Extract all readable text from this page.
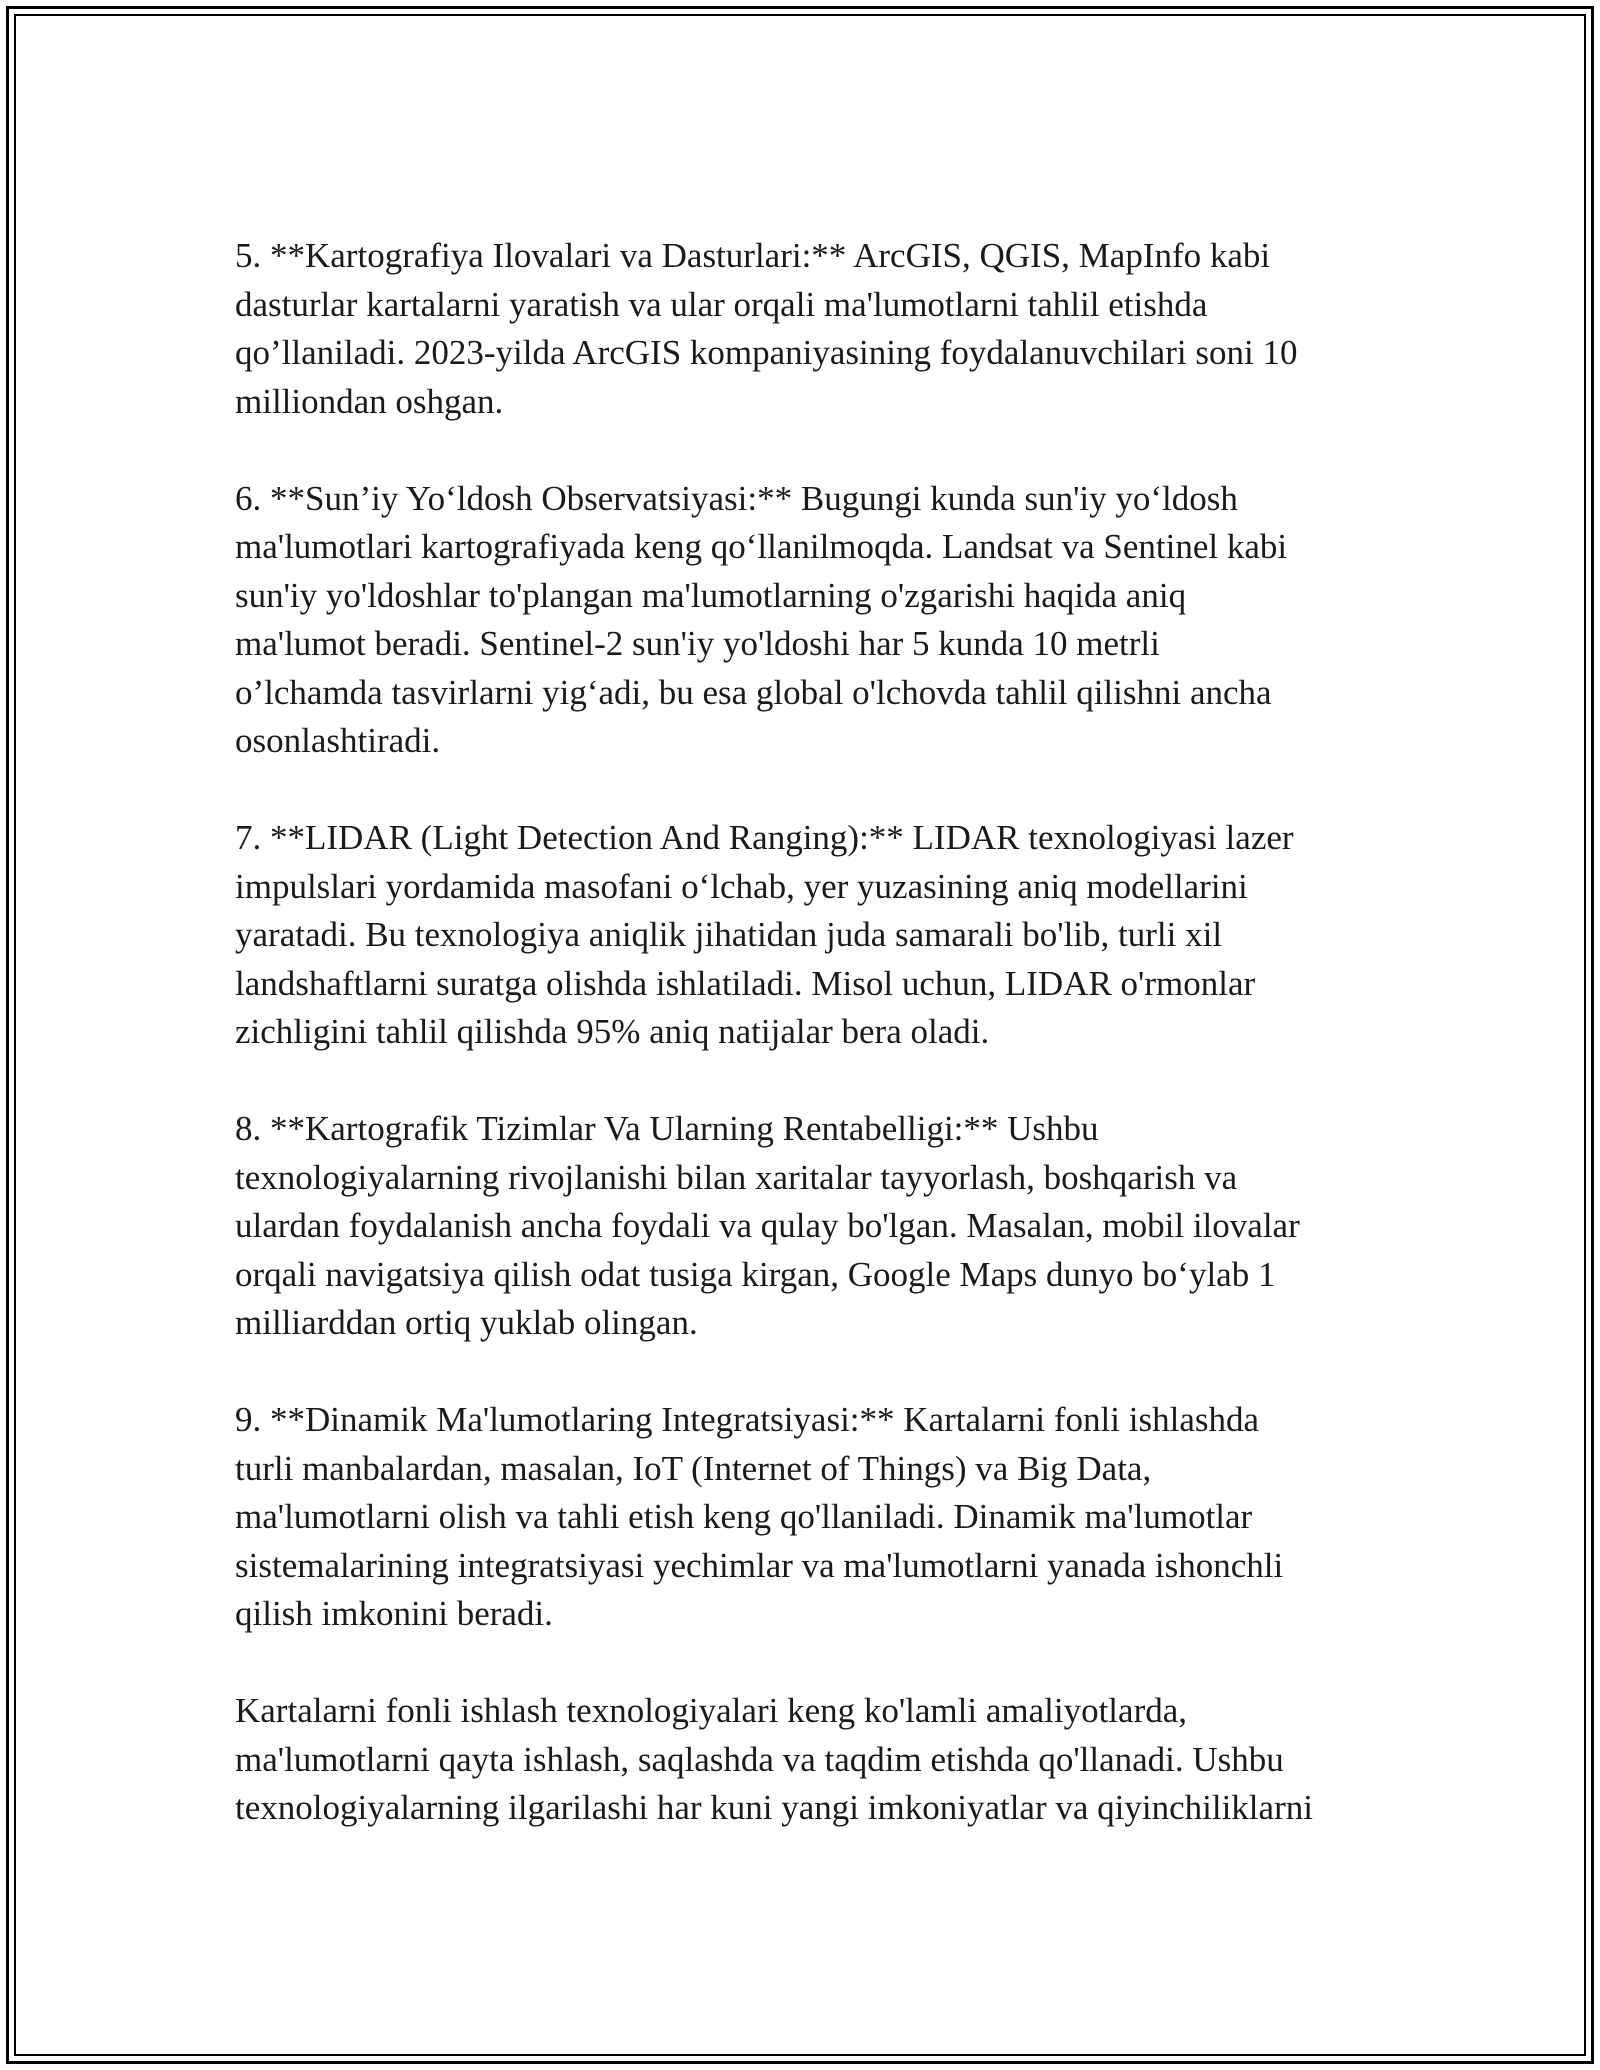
5. **Kartografiya Ilovalari va Dasturlari:** ArcGIS, QGIS, MapInfo kabi
dasturlar kartalarni yaratish va ular orqali ma'lumotlarni tahlil etishda
qo’llaniladi. 2023-yilda ArcGIS kompaniyasining foydalanuvchilari soni 10
milliondan oshgan.

6. **Sun’iy Yo‘ldosh Observatsiyasi:** Bugungi kunda sun'iy yo‘ldosh
ma'lumotlari kartografiyada keng qo‘llanilmoqda. Landsat va Sentinel kabi
sun'iy yo'ldoshlar to'plangan ma'lumotlarning o'zgarishi haqida aniq
ma'lumot beradi. Sentinel-2 sun'iy yo'ldoshi har 5 kunda 10 metrli
o’lchamda tasvirlarni yig‘adi, bu esa global o'lchovda tahlil qilishni ancha
osonlashtiradi.

7. **LIDAR (Light Detection And Ranging):** LIDAR texnologiyasi lazer
impulslari yordamida masofani o‘lchab, yer yuzasining aniq modellarini
yaratadi. Bu texnologiya aniqlik jihatidan juda samarali bo'lib, turli xil
landshaftlarni suratga olishda ishlatiladi. Misol uchun, LIDAR o'rmonlar
zichligini tahlil qilishda 95% aniq natijalar bera oladi.

8. **Kartografik Tizimlar Va Ularning Rentabelligi:** Ushbu
texnologiyalarning rivojlanishi bilan xaritalar tayyorlash, boshqarish va
ulardan foydalanish ancha foydali va qulay bo'lgan. Masalan, mobil ilovalar
orqali navigatsiya qilish odat tusiga kirgan, Google Maps dunyo bo‘ylab 1
milliarddan ortiq yuklab olingan.

9. **Dinamik Ma'lumotlaring Integratsiyasi:** Kartalarni fonli ishlashda
turli manbalardan, masalan, IoT (Internet of Things) va Big Data,
ma'lumotlarni olish va tahli etish keng qo'llaniladi. Dinamik ma'lumotlar
sistemalarining integratsiyasi yechimlar va ma'lumotlarni yanada ishonchli
qilish imkonini beradi.

Kartalarni fonli ishlash texnologiyalari keng ko'lamli amaliyotlarda,
ma'lumotlarni qayta ishlash, saqlashda va taqdim etishda qo'llanadi. Ushbu
texnologiyalarning ilgarilashi har kuni yangi imkoniyatlar va qiyinchiliklarni
